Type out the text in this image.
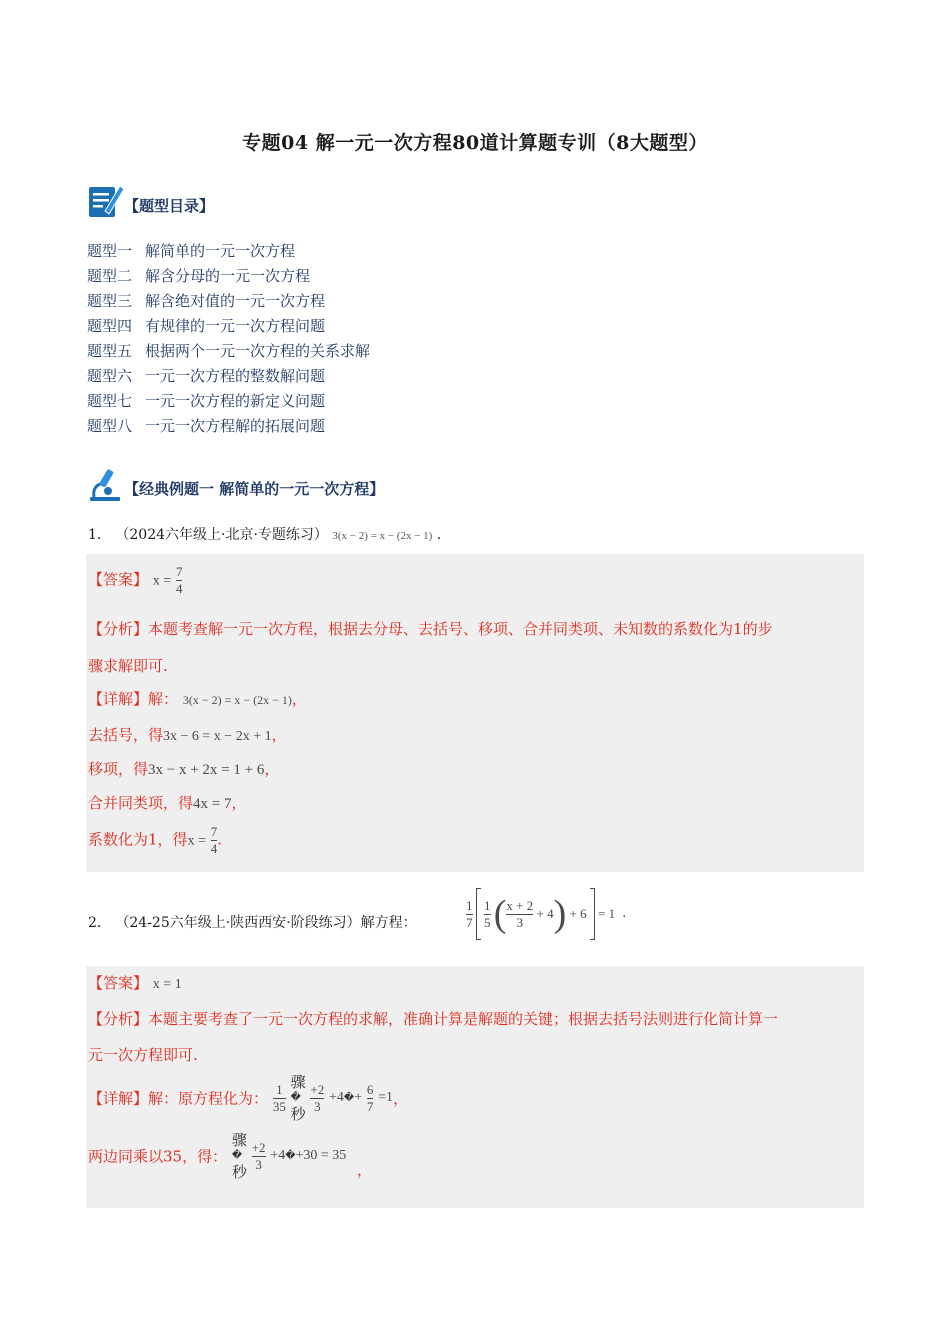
专题04 解一元一次方程80道计算题专训（8大题型）
【题型目录】
题型一 解简单的一元一次方程
题型二 解含分母的一元一次方程
题型三 解含绝对值的一元一次方程
题型四 有规律的一元一次方程问题
题型五 根据两个一元一次方程的关系求解
题型六 一元一次方程的整数解问题
题型七 一元一次方程的新定义问题
题型八 一元一次方程解的拓展问题
【经典例题一 解简单的一元一次方程】
1． （2024六年级上·北京·专题练习） 3(x − 2) = x − (2x − 1) .
【答案】 $x = \frac{7}{4}$
【分析】本题考查解一元一次方程，根据去分母、去括号、移项、合并同类项、未知数的系数化为1的步
骤求解即可.
【详解】解： 3(x − 2) = x − (2x − 1)，
去括号，得3x − 6 = x − 2x + 1，
移项，得3x − x + 2x = 1 + 6，
合并同类项，得4x = 7，
系数化为1，得$x = \frac{7}{4}$ .
2． （24-25六年级上·陕西西安·阶段练习）解方程：	$\frac{1}{7}$
$\frac{1}{5}$ ( $\frac{x + 2}{3} + 4) + 6 = 1$ .
【答案】 x = 1
【分析】本题主要考查了一元一次方程的求解，准确计算是解题的关键；根据去括号法则进行化简计算一
元一次方程即可.
【详解】解：原方程化为： $\frac{1}{35}$
骤
�
秒
$\frac{+2}{3}$ +4�+ $\frac{6}{7} =1$，
两边同乘以35，得：
骤
�
秒
$\frac{+2}{3}$ +4�+30 = 35 ，
